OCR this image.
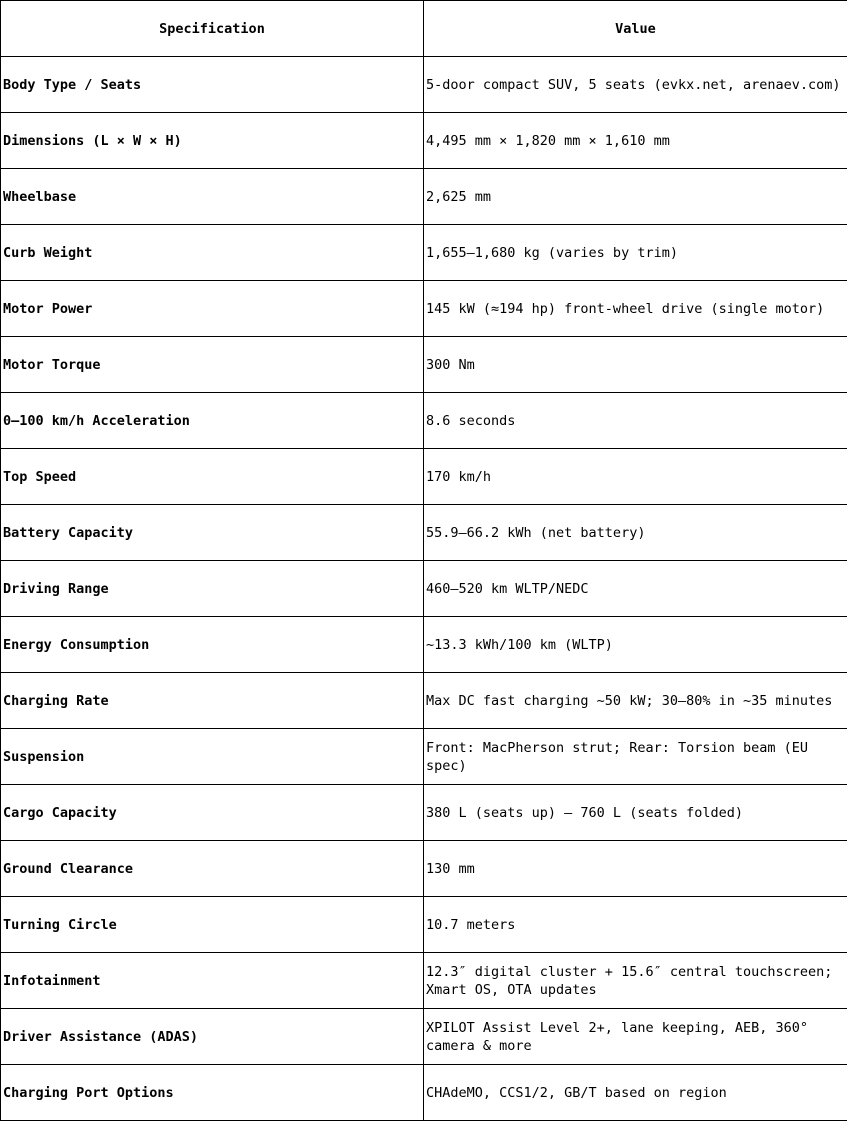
Specification	Value
Body Type / Seats	5-door compact SUV, 5 seats (evkx.net, arenaev.com)
Dimensions (L × W × H)	4,495 mm × 1,820 mm × 1,610 mm
Wheelbase	2,625 mm
Curb Weight	1,655–1,680 kg (varies by trim)
Motor Power	145 kW (≈194 hp) front-wheel drive (single motor)
Motor Torque	300 Nm
0–100 km/h Acceleration	8.6 seconds
Top Speed	170 km/h
Battery Capacity	55.9–66.2 kWh (net battery)
Driving Range	460–520 km WLTP/NEDC
Energy Consumption	~13.3 kWh/100 km (WLTP)
Charging Rate	Max DC fast charging ~50 kW; 30–80% in ~35 minutes
Suspension	Front: MacPherson strut; Rear: Torsion beam (EU spec)
Cargo Capacity	380 L (seats up) – 760 L (seats folded)
Ground Clearance	130 mm
Turning Circle	10.7 meters
Infotainment	12.3″ digital cluster + 15.6″ central touchscreen; Xmart OS, OTA updates
Driver Assistance (ADAS)	XPILOT Assist Level 2+, lane keeping, AEB, 360° camera & more
Charging Port Options	CHAdeMO, CCS1/2, GB/T based on region
